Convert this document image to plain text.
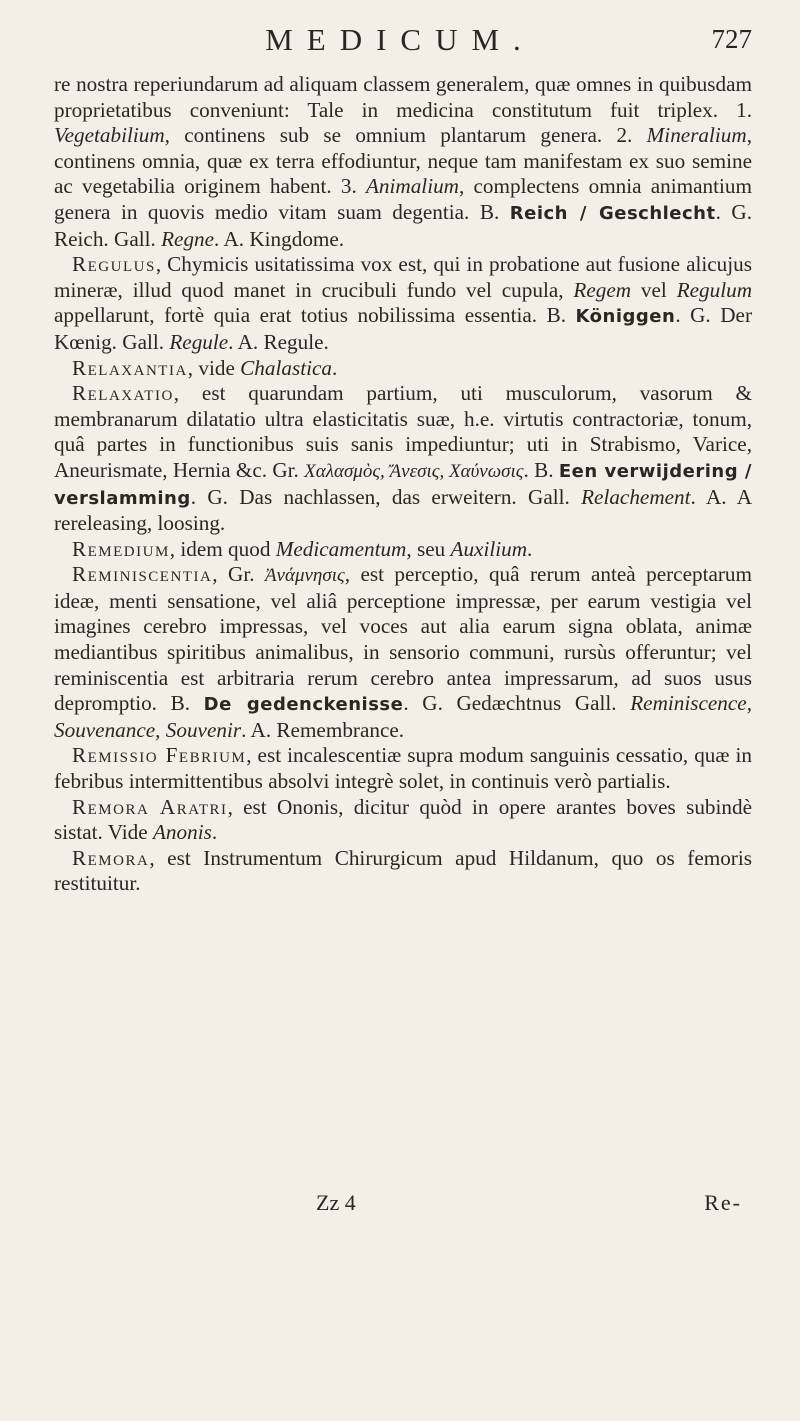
MEDICUM.	727

re nostra reperiundarum ad aliquam classem generalem, quæ omnes in quibusdam proprietatibus conveniunt: Tale in medicina constitutum fuit triplex. 1. Vegetabilium, continens sub se omnium plantarum genera. 2. Mineralium, continens omnia, quæ ex terra effodiuntur, neque tam manifestam ex suo semine ac vegetabilia originem habent. 3. Animalium, complectens omnia animantium genera in quovis medio vitam suam degentia. B. Reich / Geschlecht. G. Reich. Gall. Regne. A. Kingdome.

Regulus, Chymicis usitatissima vox est, qui in probatione aut fusione alicujus mineræ, illud quod manet in crucibuli fundo vel cupula, Regem vel Regulum appellarunt, fortè quia erat totius nobilissima essentia. B. Königgen. G. Der Kœnig. Gall. Regule. A. Regule.

Relaxantia, vide Chalastica.

Relaxatio, est quarundam partium, uti musculorum, vasorum & membranarum dilatatio ultra elasticitatis suæ, h.e. virtutis contractoriæ, tonum, quâ partes in functionibus suis sanis impediuntur; uti in Strabismo, Varice, Aneurismate, Hernia &c. Gr. Χαλασμὸς, Ἄνεσις, Χαύνωσις. B. Een verwijdering / verslamming. G. Das nachlassen, das erweitern. Gall. Relachement. A. A rereleasing, loosing.

Remedium, idem quod Medicamentum, seu Auxilium.

Reminiscentia, Gr. Ἀνάμνησις, est perceptio, quâ rerum anteà perceptarum ideæ, menti sensatione, vel aliâ perceptione impressæ, per earum vestigia vel imagines cerebro impressas, vel voces aut alia earum signa oblata, animæ mediantibus spiritibus animalibus, in sensorio communi, rursùs offeruntur; vel reminiscentia est arbitraria rerum cerebro antea impressarum, ad suos usus depromptio. B. De gedenckenisse. G. Gedæchtnus Gall. Reminiscence, Souvenance, Souvenir. A. Remembrance.

Remissio Febrium, est incalescentiæ supra modum sanguinis cessatio, quæ in febribus intermittentibus absolvi integrè solet, in continuis verò partialis.

Remora Aratri, est Ononis, dicitur quòd in opere arantes boves subindè sistat. Vide Anonis.

Remora, est Instrumentum Chirurgicum apud Hildanum, quo os femoris restituitur.

Zz 4	Re-
